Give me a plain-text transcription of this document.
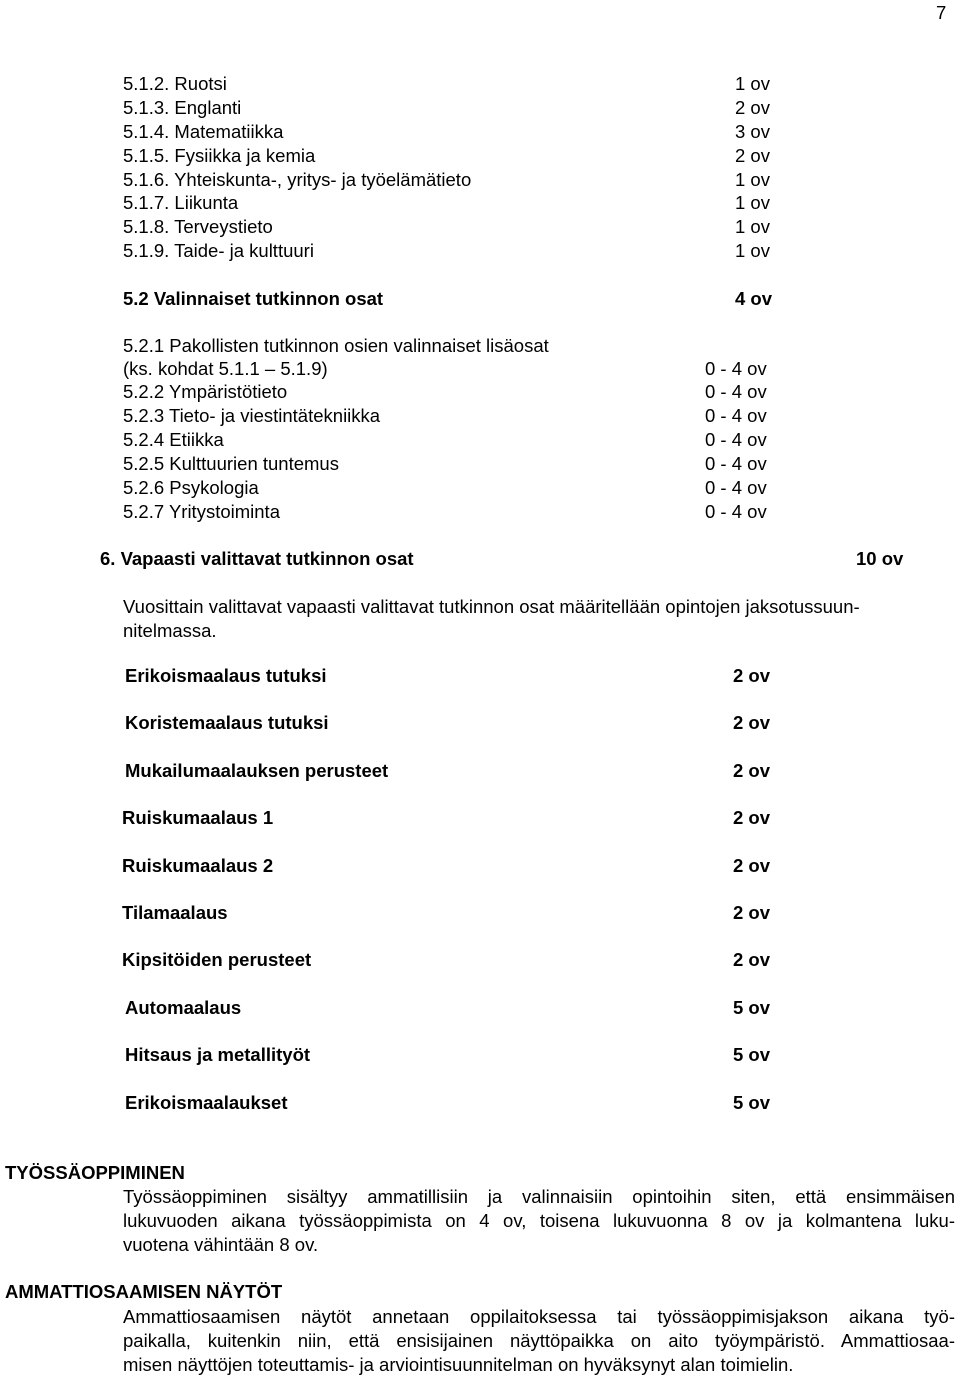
7
5.1.2. Ruotsi	1 ov
5.1.3. Englanti	2 ov
5.1.4. Matematiikka	3 ov
5.1.5. Fysiikka ja kemia	2 ov
5.1.6. Yhteiskunta-, yritys- ja työelämätieto	1 ov
5.1.7. Liikunta	1 ov
5.1.8. Terveystieto	1 ov
5.1.9. Taide- ja kulttuuri	1 ov
5.2 Valinnaiset tutkinnon osat	4 ov
5.2.1 Pakollisten tutkinnon osien valinnaiset lisäosat
(ks. kohdat 5.1.1 – 5.1.9)	0 - 4 ov
5.2.2 Ympäristötieto	0 - 4 ov
5.2.3 Tieto- ja viestintätekniikka	0 - 4 ov
5.2.4 Etiikka	0 - 4 ov
5.2.5 Kulttuurien tuntemus	0 - 4 ov
5.2.6 Psykologia	0 - 4 ov
5.2.7 Yritystoiminta	0 - 4 ov
6. Vapaasti valittavat tutkinnon osat	10 ov
Vuosittain valittavat vapaasti valittavat tutkinnon osat määritellään opintojen jaksotussuun-
nitelmassa.
Erikoismaalaus tutuksi	2 ov
Koristemaalaus tutuksi	2 ov
Mukailumaalauksen perusteet	2 ov
Ruiskumaalaus 1	2 ov
Ruiskumaalaus 2	2 ov
Tilamaalaus	2 ov
Kipsitöiden perusteet	2 ov
Automaalaus	5 ov
Hitsaus ja metallityöt	5 ov
Erikoismaalaukset	5 ov
TYÖSSÄOPPIMINEN
Työssäoppiminen sisältyy ammatillisiin ja valinnaisiin opintoihin siten, että ensimmäisen
lukuvuoden aikana työssäoppimista on 4 ov, toisena lukuvuonna 8 ov ja kolmantena luku-
vuotena vähintään 8 ov.
AMMATTIOSAAMISEN NÄYTÖT
Ammattiosaamisen näytöt annetaan oppilaitoksessa tai työssäoppimisjakson aikana työ-
paikalla, kuitenkin niin, että ensisijainen näyttöpaikka on aito työympäristö. Ammattiosaa-
misen näyttöjen toteuttamis- ja arviointisuunnitelman on hyväksynyt alan toimielin.
